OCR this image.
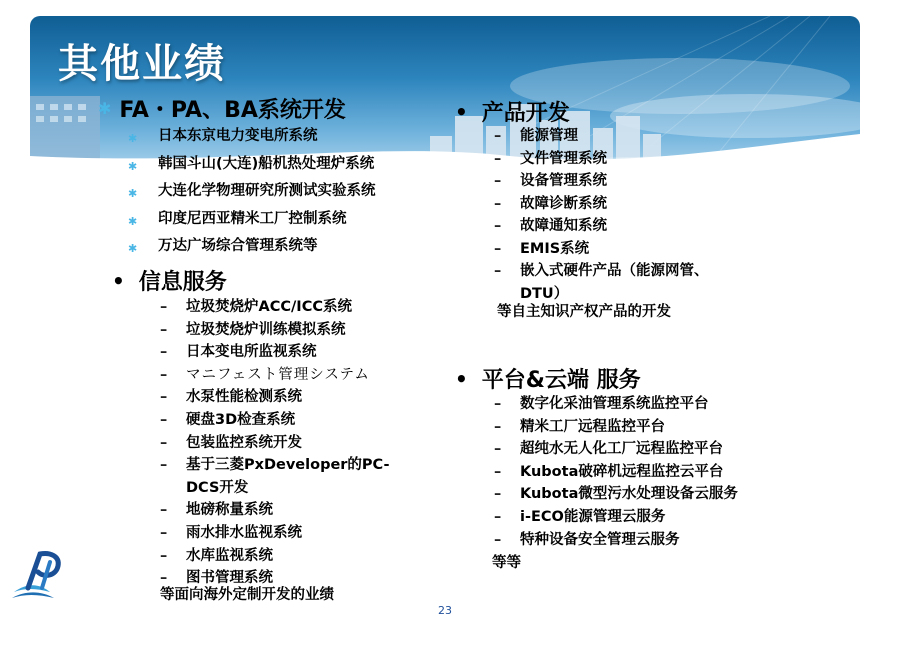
其他业绩
✱ FA・PA、BA系统开发
✱	日本东京电力变电所系统
✱	韩国斗山(大连)船机热处理炉系统
✱	大连化学物理研究所测试实验系统
✱	印度尼西亚精米工厂控制系统
✱	万达广场综合管理系统等
• 信息服务
–	垃圾焚烧炉ACC/ICC系统
–	垃圾焚烧炉训练模拟系统
–	日本变电所监视系统
–	マニフェスト管理システム
–	水泵性能检测系统
–	硬盘3D检查系统
–	包装监控系统开发
–	基于三菱PxDeveloper的PC-
DCS开发
–	地磅称量系统
–	雨水排水监视系统
–	水库监视系统
–	图书管理系统
等面向海外定制开发的业绩
• 产品开发
–	能源管理
–	文件管理系统
–	设备管理系统
–	故障诊断系统
–	故障通知系统
–	EMIS系统
–	嵌入式硬件产品（能源网管、
DTU）
等自主知识产权产品的开发
• 平台&云端 服务
–	数字化采油管理系统监控平台
–	精米工厂远程监控平台
–	超纯水无人化工厂远程监控平台
–	Kubota破碎机远程监控云平台
–	Kubota微型污水处理设备云服务
–	i-ECO能源管理云服务
–	特种设备安全管理云服务
等等
23
